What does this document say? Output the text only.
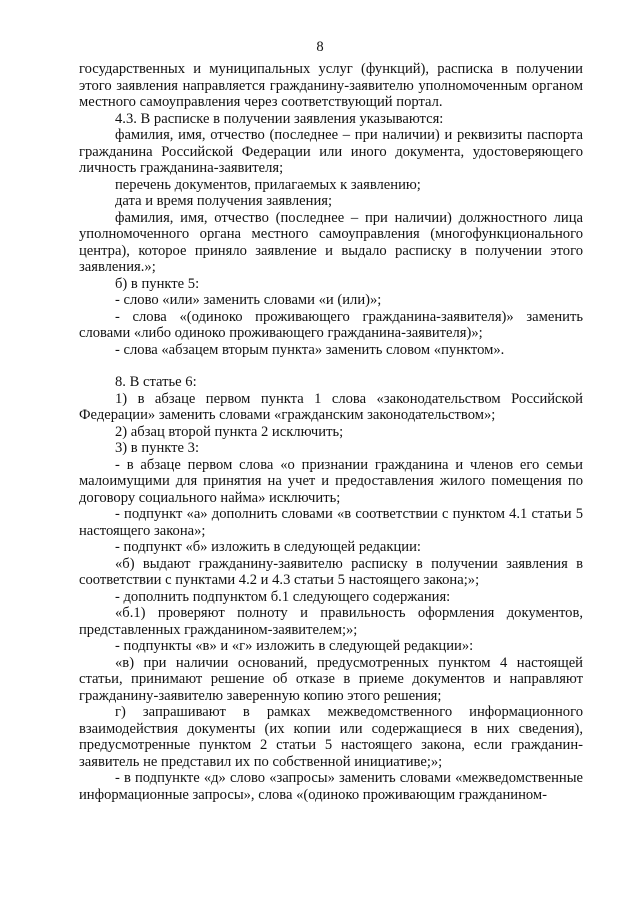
8

государственных и муниципальных услуг (функций), расписка в получении этого заявления направляется гражданину-заявителю уполномоченным органом местного самоуправления через соответствующий портал.

4.3. В расписке в получении заявления указываются:

фамилия, имя, отчество (последнее – при наличии) и реквизиты паспорта гражданина Российской Федерации или иного документа, удостоверяющего личность гражданина-заявителя;

перечень документов, прилагаемых к заявлению;

дата и время получения заявления;

фамилия, имя, отчество (последнее – при наличии) должностного лица уполномоченного органа местного самоуправления (многофункционального центра), которое приняло заявление и выдало расписку в получении этого заявления.»;

б) в пункте 5:

- слово «или» заменить словами «и (или)»;

- слова «(одиноко проживающего гражданина-заявителя)» заменить словами «либо одиноко проживающего гражданина-заявителя)»;

- слова «абзацем вторым пункта» заменить словом «пунктом».

8. В статье 6:

1) в абзаце первом пункта 1 слова «законодательством Российской Федерации» заменить словами «гражданским законодательством»;

2) абзац второй пункта 2 исключить;

3) в пункте 3:

- в абзаце первом слова «о признании гражданина и членов его семьи малоимущими для принятия на учет и предоставления жилого помещения по договору социального найма» исключить;

- подпункт «а» дополнить словами «в соответствии с пунктом 4.1 статьи 5 настоящего закона»;

- подпункт «б» изложить в следующей редакции:

«б) выдают гражданину-заявителю расписку в получении заявления в соответствии с пунктами 4.2 и 4.3 статьи 5 настоящего закона;»;

- дополнить подпунктом б.1 следующего содержания:

«б.1) проверяют полноту и правильность оформления документов, представленных гражданином-заявителем;»;

- подпункты «в» и «г» изложить в следующей редакции»:

«в) при наличии оснований, предусмотренных пунктом 4 настоящей статьи, принимают решение об отказе в приеме документов и направляют гражданину-заявителю заверенную копию этого решения;

г) запрашивают в рамках межведомственного информационного взаимодействия документы (их копии или содержащиеся в них сведения), предусмотренные пунктом 2 статьи 5 настоящего закона, если гражданин-заявитель не представил их по собственной инициативе;»;

- в подпункте «д» слово «запросы» заменить словами «межведомственные информационные запросы», слова «(одиноко проживающим гражданином-
